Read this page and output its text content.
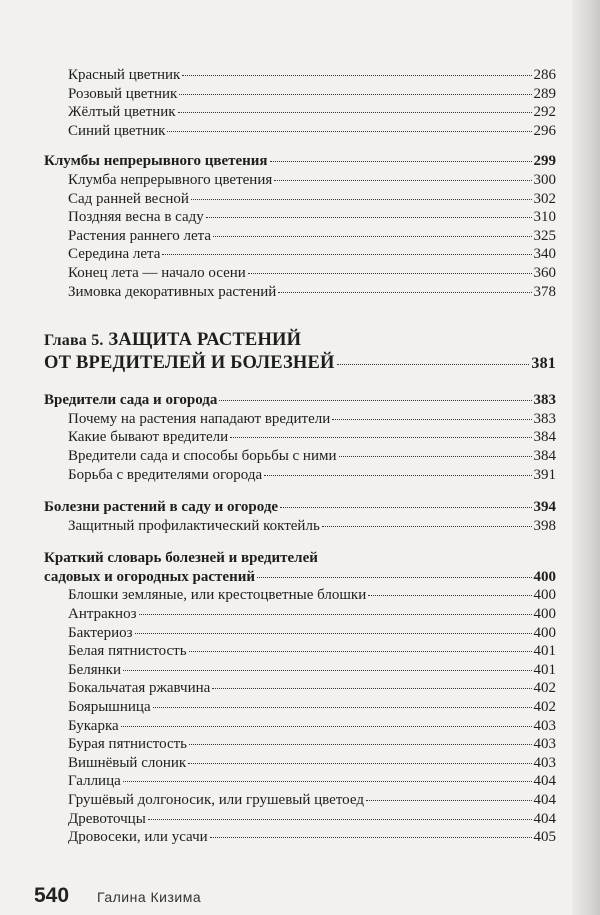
Красный цветник	286
Розовый цветник	289
Жёлтый цветник	292
Синий цветник	296
Клумбы непрерывного цветения	299
Клумба непрерывного цветения	300
Сад ранней весной	302
Поздняя весна в саду	310
Растения раннего лета	325
Середина лета	340
Конец лета — начало осени	360
Зимовка декоративных растений	378
Глава 5. ЗАЩИТА РАСТЕНИЙ
ОТ ВРЕДИТЕЛЕЙ И БОЛЕЗНЕЙ	381
Вредители сада и огорода	383
Почему на растения нападают вредители	383
Какие бывают вредители	384
Вредители сада и способы борьбы с ними	384
Борьба с вредителями огорода	391
Болезни растений в саду и огороде	394
Защитный профилактический коктейль	398
Краткий словарь болезней и вредителей
садовых и огородных растений	400
Блошки земляные, или крестоцветные блошки	400
Антракноз	400
Бактериоз	400
Белая пятнистость	401
Белянки	401
Бокальчатая ржавчина	402
Боярышница	402
Букарка	403
Бурая пятнистость	403
Вишнёвый слоник	403
Галлица	404
Грушёвый долгоносик, или грушевый цветоед	404
Древоточцы	404
Дровосеки, или усачи	405
540 Галина Кизима
